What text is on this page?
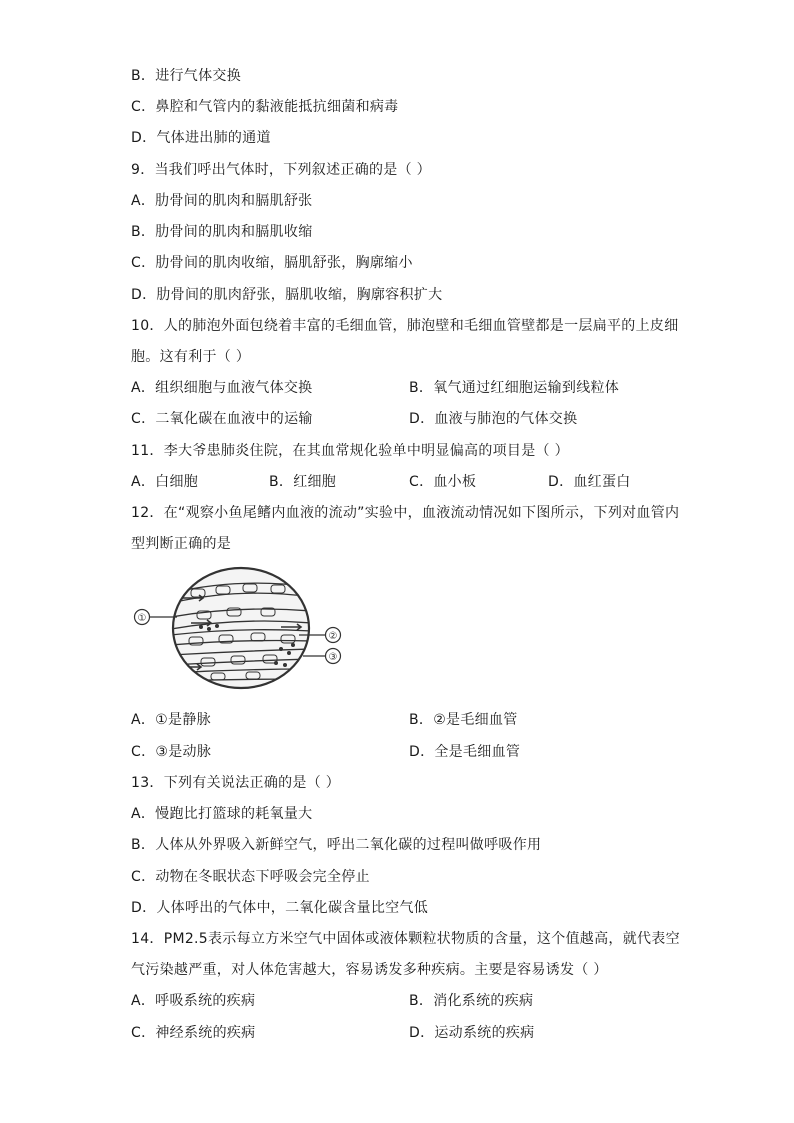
B．进行气体交换
C．鼻腔和气管内的黏液能抵抗细菌和病毒
D．气体进出肺的通道
9．当我们呼出气体时，下列叙述正确的是（ ）
A．肋骨间的肌肉和膈肌舒张
B．肋骨间的肌肉和膈肌收缩
C．肋骨间的肌肉收缩，膈肌舒张，胸廓缩小
D．肋骨间的肌肉舒张，膈肌收缩，胸廓容积扩大
10．人的肺泡外面包绕着丰富的毛细血管，肺泡壁和毛细血管壁都是一层扁平的上皮细
胞。这有利于（ ）
A．组织细胞与血液气体交换	B．氧气通过红细胞运输到线粒体
C．二氧化碳在血液中的运输	D．血液与肺泡的气体交换
11．李大爷患肺炎住院，在其血常规化验单中明显偏高的项目是（ ）
A．白细胞	B．红细胞	C．血小板	D．血红蛋白
12．在“观察小鱼尾鳍内血液的流动”实验中，血液流动情况如下图所示，下列对血管内
型判断正确的是
①
②
③
A．①是静脉	B．②是毛细血管
C．③是动脉	D．全是毛细血管
13．下列有关说法正确的是（ ）
A．慢跑比打篮球的耗氧量大
B．人体从外界吸入新鲜空气，呼出二氧化碳的过程叫做呼吸作用
C．动物在冬眠状态下呼吸会完全停止
D．人体呼出的气体中，二氧化碳含量比空气低
14．PM2.5表示每立方米空气中固体或液体颗粒状物质的含量，这个值越高，就代表空
气污染越严重，对人体危害越大，容易诱发多种疾病。主要是容易诱发（ ）
A．呼吸系统的疾病	B．消化系统的疾病
C．神经系统的疾病	D．运动系统的疾病
